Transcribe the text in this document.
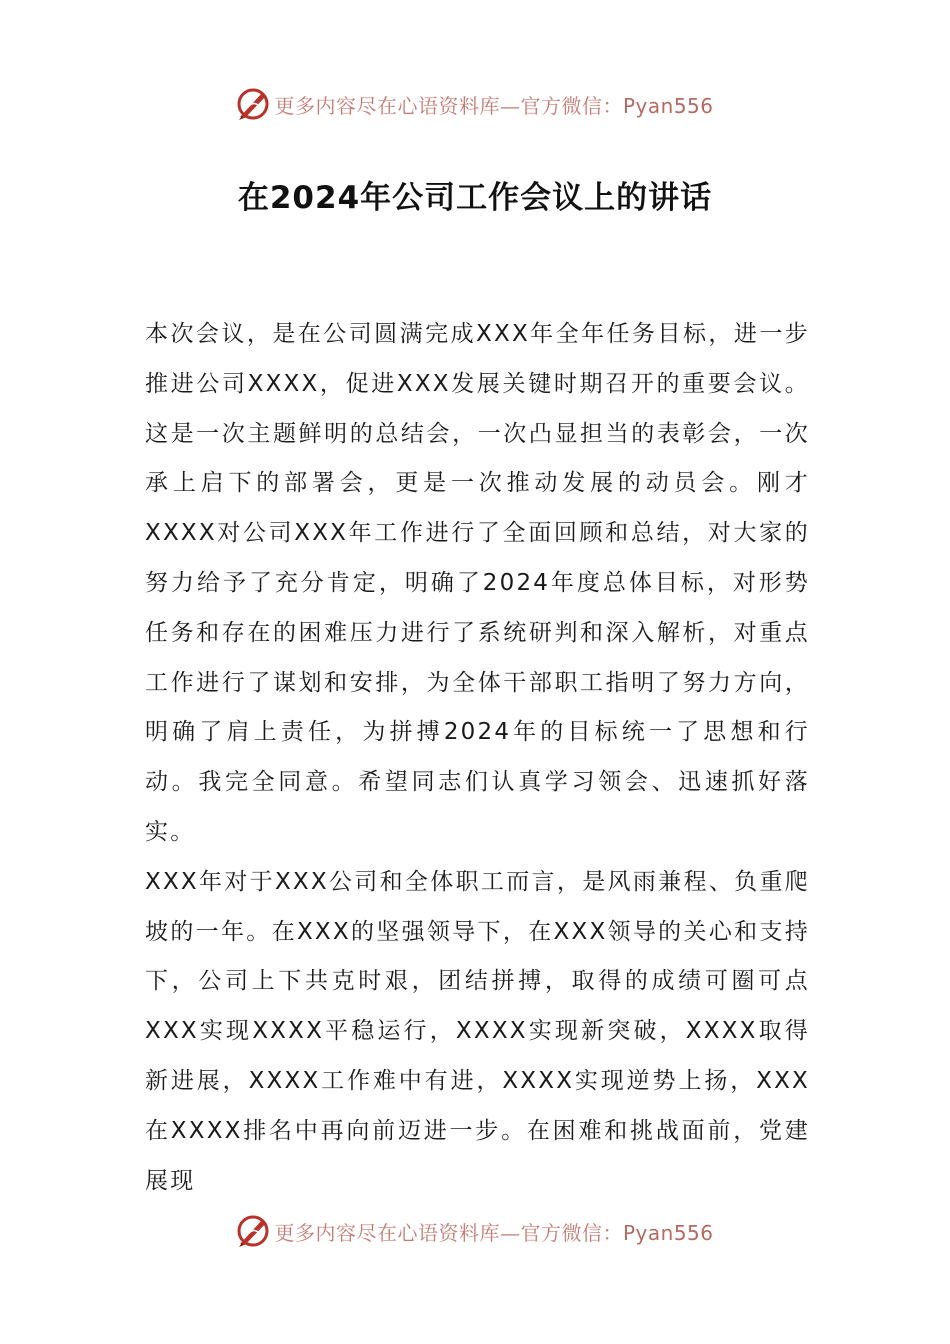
更多内容尽在心语资料库—官方微信：Pyan556
在2024年公司工作会议上的讲话

本次会议，是在公司圆满完成XXX年全年任务目标，进一步推进公司XXXX，促进XXX发展关键时期召开的重要会议。这是一次主题鲜明的总结会，一次凸显担当的表彰会，一次承上启下的部署会，更是一次推动发展的动员会。刚才XXXX对公司XXX年工作进行了全面回顾和总结，对大家的努力给予了充分肯定，明确了2024年度总体目标，对形势任务和存在的困难压力进行了系统研判和深入解析，对重点工作进行了谋划和安排，为全体干部职工指明了努力方向，明确了肩上责任，为拼搏2024年的目标统一了思想和行动。我完全同意。希望同志们认真学习领会、迅速抓好落实。

XXX年对于XXX公司和全体职工而言，是风雨兼程、负重爬坡的一年。在XXX的坚强领导下，在XXX领导的关心和支持下，公司上下共克时艰，团结拼搏，取得的成绩可圈可点XXX实现XXXX平稳运行，XXXX实现新突破，XXXX取得新进展，XXXX工作难中有进，XXXX实现逆势上扬，XXX在XXXX排名中再向前迈进一步。在困难和挑战面前，党建展现

更多内容尽在心语资料库—官方微信：Pyan556
